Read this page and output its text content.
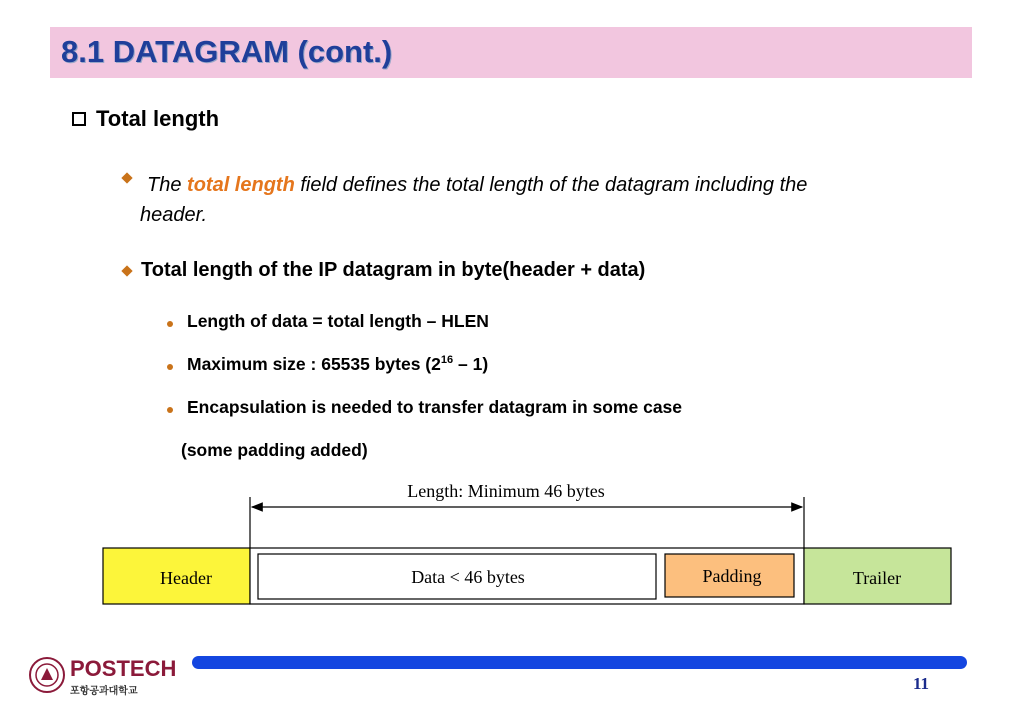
8.1 DATAGRAM (cont.)
Total length
The total length field defines the total length of the datagram including the
header.
Total length of the IP datagram in byte(header + data)
Length of data = total length – HLEN
Maximum size : 65535 bytes $(2^{16} - 1)$
Encapsulation is needed to transfer datagram in some case
(some padding added)
Length: Minimum 46 bytes
Header	Data < 46 bytes	Padding	Trailer
POSTECH
포항공과대학교	11
